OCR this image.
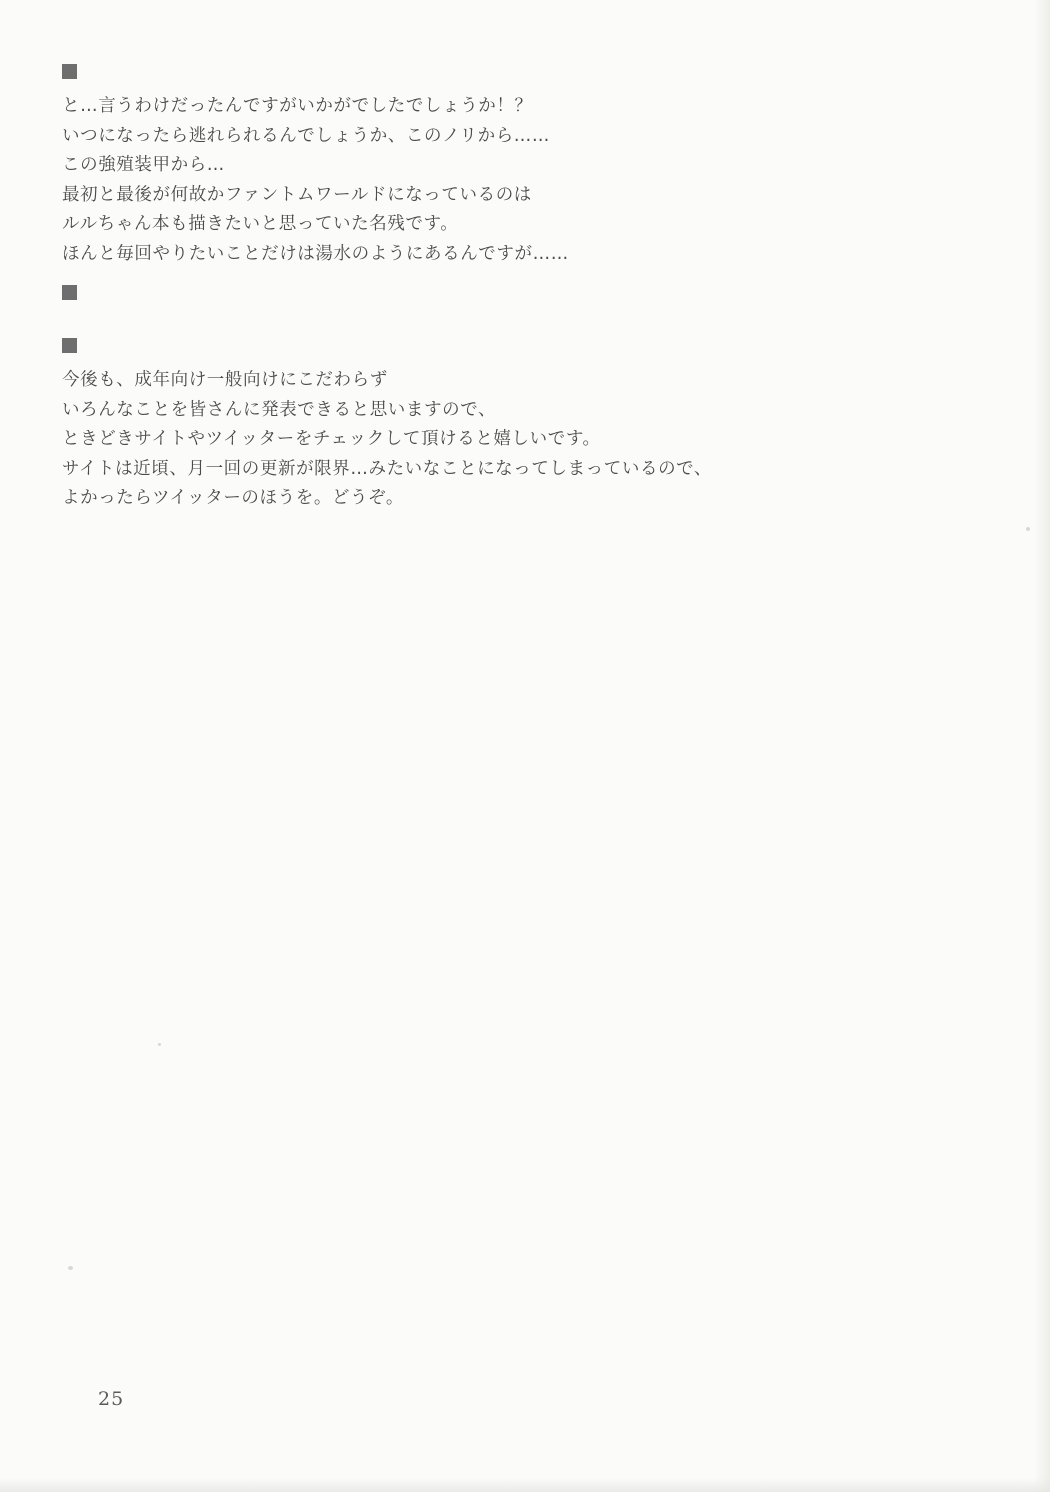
と…言うわけだったんですがいかがでしたでしょうか！？
いつになったら逃れられるんでしょうか、このノリから……
この強殖装甲から…
最初と最後が何故かファントムワールドになっているのは
ルルちゃん本も描きたいと思っていた名残です。
ほんと毎回やりたいことだけは湯水のようにあるんですが……
今後も、成年向け一般向けにこだわらず
いろんなことを皆さんに発表できると思いますので、
ときどきサイトやツイッターをチェックして頂けると嬉しいです。
サイトは近頃、月一回の更新が限界…みたいなことになってしまっているので、
よかったらツイッターのほうを。どうぞ。
25
